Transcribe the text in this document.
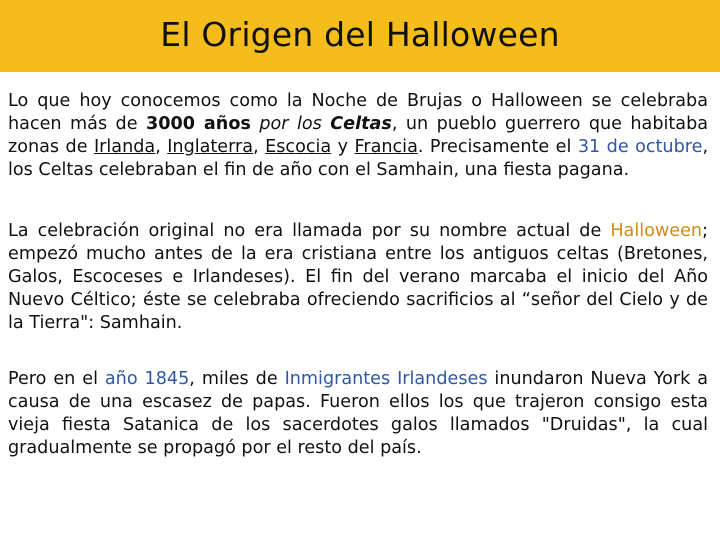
El Origen del Halloween

Lo que hoy conocemos como la Noche de Brujas o Halloween se celebraba hacen más de 3000 años por los Celtas, un pueblo guerrero que habitaba zonas de Irlanda, Inglaterra, Escocia y Francia. Precisamente el 31 de octubre, los Celtas celebraban el fin de año con el Samhain, una fiesta pagana.

La celebración original no era llamada por su nombre actual de Halloween; empezó mucho antes de la era cristiana entre los antiguos celtas (Bretones, Galos, Escoceses e Irlandeses). El fin del verano marcaba el inicio del Año Nuevo Céltico; éste se celebraba ofreciendo sacrificios al “señor del Cielo y de la Tierra": Samhain.

Pero en el año 1845, miles de Inmigrantes Irlandeses inundaron Nueva York a causa de una escasez de papas. Fueron ellos los que trajeron consigo esta vieja fiesta Satanica de los sacerdotes galos llamados "Druidas", la cual gradualmente se propagó por el resto del país.
